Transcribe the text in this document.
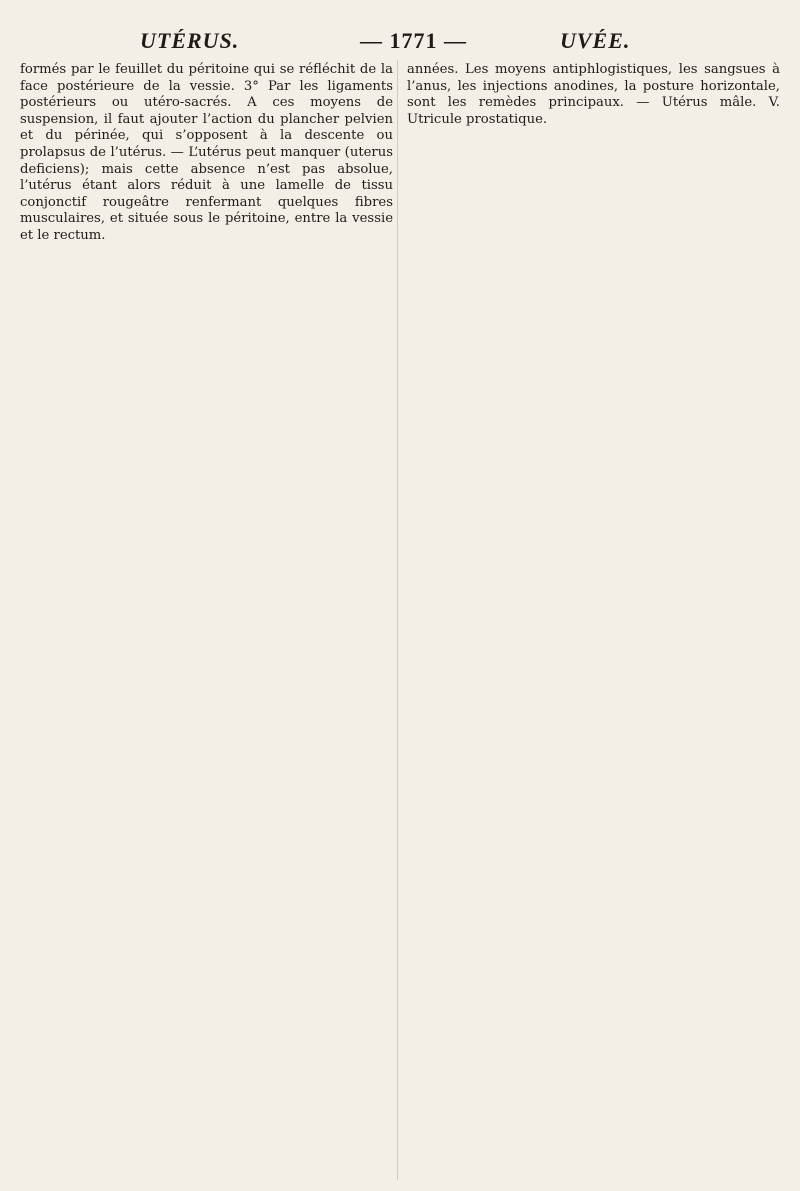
UTÉRUS.	— 1771 —	UVÉE.

formés par le feuillet du péritoine qui se réfléchit de la face postérieure de la vessie. 3° Par les ligaments postérieurs ou utéro-sacrés. A ces moyens de suspension, il faut ajouter l’action du plancher pelvien et du périnée, qui s’opposent à la descente ou prolapsus de l’utérus. — L’utérus peut manquer (uterus deficiens); mais cette absence n’est pas absolue, l’utérus étant alors réduit à une lamelle de tissu conjonctif rougeâtre renfermant quelques fibres musculaires, et située sous le péritoine, entre la vessie et le rectum.

années. Les moyens antiphlogistiques, les sangsues à l’anus, les injections anodines, la posture horizontale, sont les remèdes principaux. — Utérus mâle. V. Utricule prostatique.
